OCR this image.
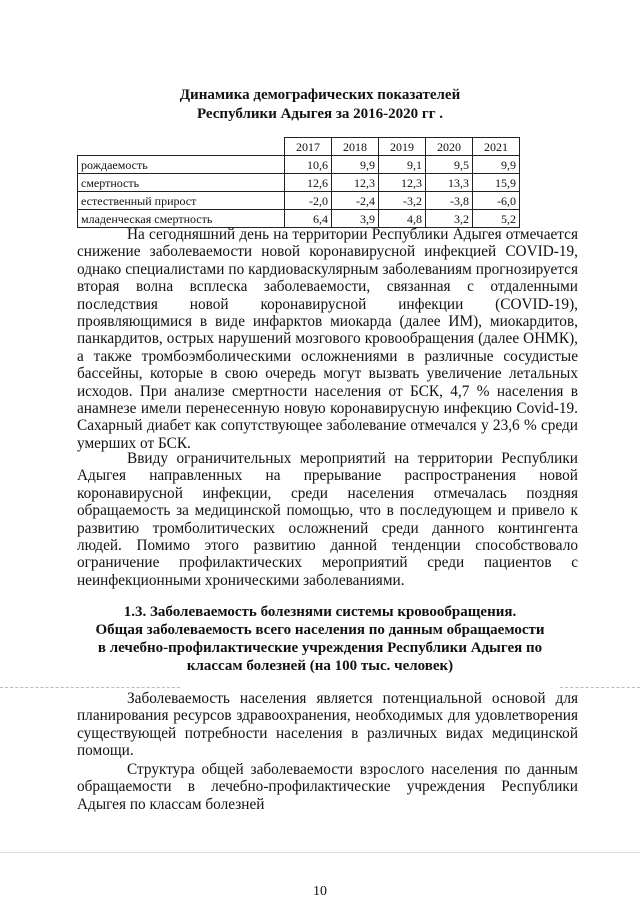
Динамика демографических показателей
Республики Адыгея за 2016-2020 гг .
	2017	2018	2019	2020	2021
рождаемость	10,6	9,9	9,1	9,5	9,9
смертность	12,6	12,3	12,3	13,3	15,9
естественный прирост	-2,0	-2,4	-3,2	-3,8	-6,0
младенческая смертность	6,4	3,9	4,8	3,2	5,2

На сегодняшний день на территории Республики Адыгея отмечается снижение заболеваемости новой коронавирусной инфекцией COVID-19, однако специалистами по кардиоваскулярным заболеваниям прогнозируется вторая волна всплеска заболеваемости, связанная с отдаленными последствия новой коронавирусной инфекции (COVID-19), проявляющимися в виде инфарктов миокарда (далее ИМ), миокардитов, панкардитов, острых нарушений мозгового кровообращения (далее ОНМК), а также тромбоэмболическими осложнениями в различные сосудистые бассейны, которые в свою очередь могут вызвать увеличение летальных исходов. При анализе смертности населения от БСК, 4,7 % населения в анамнезе имели перенесенную новую коронавирусную инфекцию Covid-19. Сахарный диабет как сопутствующее заболевание отмечался у 23,6 % среди умерших от БСК.

Ввиду ограничительных мероприятий на территории Республики Адыгея направленных на прерывание распространения новой коронавирусной инфекции, среди населения отмечалась поздняя обращаемость за медицинской помощью, что в последующем и привело к развитию тромболитических осложнений среди данного контингента людей. Помимо этого развитию данной тенденции способствовало ограничение профилактических мероприятий среди пациентов с неинфекционными хроническими заболеваниями.

1.3. Заболеваемость болезнями системы кровообращения.
Общая заболеваемость всего населения по данным обращаемости
в лечебно-профилактические учреждения Республики Адыгея по
классам болезней (на 100 тыс. человек)

Заболеваемость населения является потенциальной основой для планирования ресурсов здравоохранения, необходимых для удовлетворения существующей потребности населения в различных видах медицинской помощи.

Структура общей заболеваемости взрослого населения по данным обращаемости в лечебно-профилактические учреждения Республики Адыгея по классам болезней

10
